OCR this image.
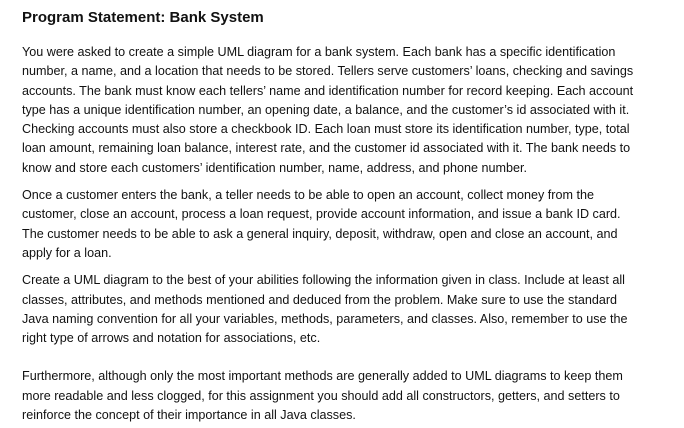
Program Statement: Bank System

You were asked to create a simple UML diagram for a bank system. Each bank has a specific identification
number, a name, and a location that needs to be stored. Tellers serve customers’ loans, checking and savings
accounts. The bank must know each tellers’ name and identification number for record keeping. Each account
type has a unique identification number, an opening date, a balance, and the customer’s id associated with it.
Checking accounts must also store a checkbook ID. Each loan must store its identification number, type, total
loan amount, remaining loan balance, interest rate, and the customer id associated with it. The bank needs to
know and store each customers’ identification number, name, address, and phone number.

Once a customer enters the bank, a teller needs to be able to open an account, collect money from the
customer, close an account, process a loan request, provide account information, and issue a bank ID card.
The customer needs to be able to ask a general inquiry, deposit, withdraw, open and close an account, and
apply for a loan.

Create a UML diagram to the best of your abilities following the information given in class. Include at least all
classes, attributes, and methods mentioned and deduced from the problem. Make sure to use the standard
Java naming convention for all your variables, methods, parameters, and classes. Also, remember to use the
right type of arrows and notation for associations, etc.

Furthermore, although only the most important methods are generally added to UML diagrams to keep them
more readable and less clogged, for this assignment you should add all constructors, getters, and setters to
reinforce the concept of their importance in all Java classes.
